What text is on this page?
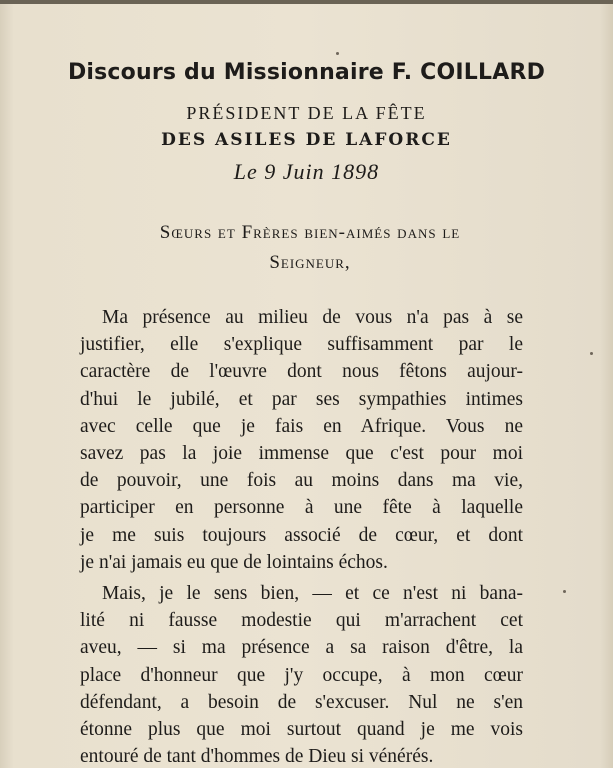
Discours du Missionnaire F. COILLARD
PRÉSIDENT DE LA FÊTE
DES ASILES DE LAFORCE
Le 9 Juin 1898
Sœurs et Frères bien-aimés dans le
Seigneur,

Ma présence au milieu de vous n'a pas à se
justifier, elle s'explique suffisamment par le
caractère de l'œuvre dont nous fêtons aujour-
d'hui le jubilé, et par ses sympathies intimes
avec celle que je fais en Afrique. Vous ne
savez pas la joie immense que c'est pour moi
de pouvoir, une fois au moins dans ma vie,
participer en personne à une fête à laquelle
je me suis toujours associé de cœur, et dont
je n'ai jamais eu que de lointains échos.

Mais, je le sens bien, — et ce n'est ni bana-
lité ni fausse modestie qui m'arrachent cet
aveu, — si ma présence a sa raison d'être, la
place d'honneur que j'y occupe, à mon cœur
défendant, a besoin de s'excuser. Nul ne s'en
étonne plus que moi surtout quand je me vois
entouré de tant d'hommes de Dieu si vénérés.
